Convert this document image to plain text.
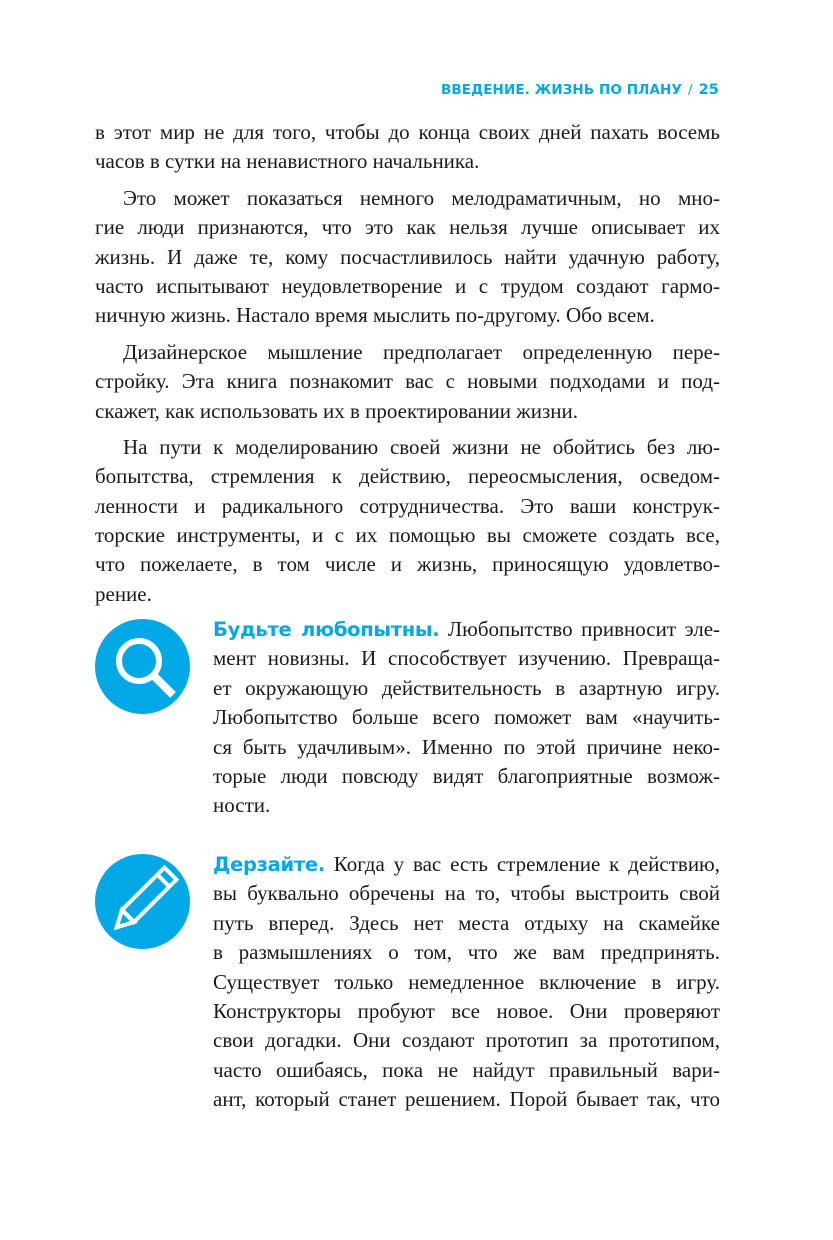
ВВЕДЕНИЕ. ЖИЗНЬ ПО ПЛАНУ / 25
в этот мир не для того, чтобы до конца своих дней пахать восемь
часов в сутки на ненавистного начальника.
Это может показаться немного мелодраматичным, но мно-
гие люди признаются, что это как нельзя лучше описывает их
жизнь. И даже те, кому посчастливилось найти удачную работу,
часто испытывают неудовлетворение и с трудом создают гармо-
ничную жизнь. Настало время мыслить по-другому. Обо всем.
Дизайнерское мышление предполагает определенную пере-
стройку. Эта книга познакомит вас с новыми подходами и под-
скажет, как использовать их в проектировании жизни.
На пути к моделированию своей жизни не обойтись без лю-
бопытства, стремления к действию, переосмысления, осведом-
ленности и радикального сотрудничества. Это ваши конструк-
торские инструменты, и с их помощью вы сможете создать все,
что пожелаете, в том числе и жизнь, приносящую удовлетво-
рение.
Будьте любопытны. Любопытство привносит эле-
мент новизны. И способствует изучению. Превраща-
ет окружающую действительность в азартную игру.
Любопытство больше всего поможет вам «научить-
ся быть удачливым». Именно по этой причине неко-
торые люди повсюду видят благоприятные возмож-
ности.
Дерзайте. Когда у вас есть стремление к действию,
вы буквально обречены на то, чтобы выстроить свой
путь вперед. Здесь нет места отдыху на скамейке
в размышлениях о том, что же вам предпринять.
Существует только немедленное включение в игру.
Конструкторы пробуют все новое. Они проверяют
свои догадки. Они создают прототип за прототипом,
часто ошибаясь, пока не найдут правильный вари-
ант, который станет решением. Порой бывает так, что
